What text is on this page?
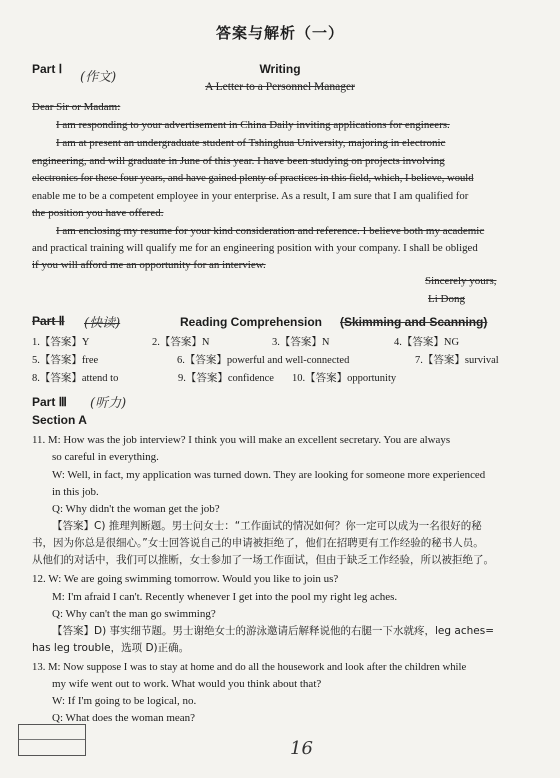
答案与解析（一）
Part Ⅰ
(作文)
Writing
A Letter to a Personnel Manager
Dear Sir or Madam:
I am responding to your advertisement in China Daily inviting applications for engineers.
I am at present an undergraduate student of Tshinghua University, majoring in electronic
engineering, and will graduate in June of this year. I have been studying on projects involving
electronics for these four years, and have gained plenty of practices in this field, which, I believe, would
enable me to be a competent employee in your enterprise. As a result, I am sure that I am qualified for
the position you have offered.
I am enclosing my resume for your kind consideration and reference. I believe both my academic
and practical training will qualify me for an engineering position with your company. I shall be obliged
if you will afford me an opportunity for an interview.
Sincerely yours,
Li Dong
Part Ⅱ (快读)	Reading Comprehension (Skimming and Scanning)
1.【答案】Y	2.【答案】N	3.【答案】N	4.【答案】NG
5.【答案】free	6.【答案】powerful and well-connected	7.【答案】survival
8.【答案】attend to	9.【答案】confidence 10.【答案】opportunity
Part Ⅲ (听力)
Section A
11. M: How was the job interview? I think you will make an excellent secretary. You are always
so careful in everything.
W: Well, in fact, my application was turned down. They are looking for someone more experienced
in this job.
Q: Why didn't the woman get the job?
【答案】C) 推理判断题。男士问女士：“工作面试的情况如何？你一定可以成为一名很好的秘
书，因为你总是很细心。”女士回答说自己的申请被拒绝了，他们在招聘更有工作经验的秘书人员。
从他们的对话中，我们可以推断，女士参加了一场工作面试，但由于缺乏工作经验，所以被拒绝了。
12. W: We are going swimming tomorrow. Would you like to join us?
M: I'm afraid I can't. Recently whenever I get into the pool my right leg aches.
Q: Why can't the man go swimming?
【答案】D) 事实细节题。男士谢绝女士的游泳邀请后解释说他的右腿一下水就疼，leg aches=
has leg trouble，选项 D)正确。
13. M: Now suppose I was to stay at home and do all the housework and look after the children while
my wife went out to work. What would you think about that?
W: If I'm going to be logical, no.
Q: What does the woman mean?
16
